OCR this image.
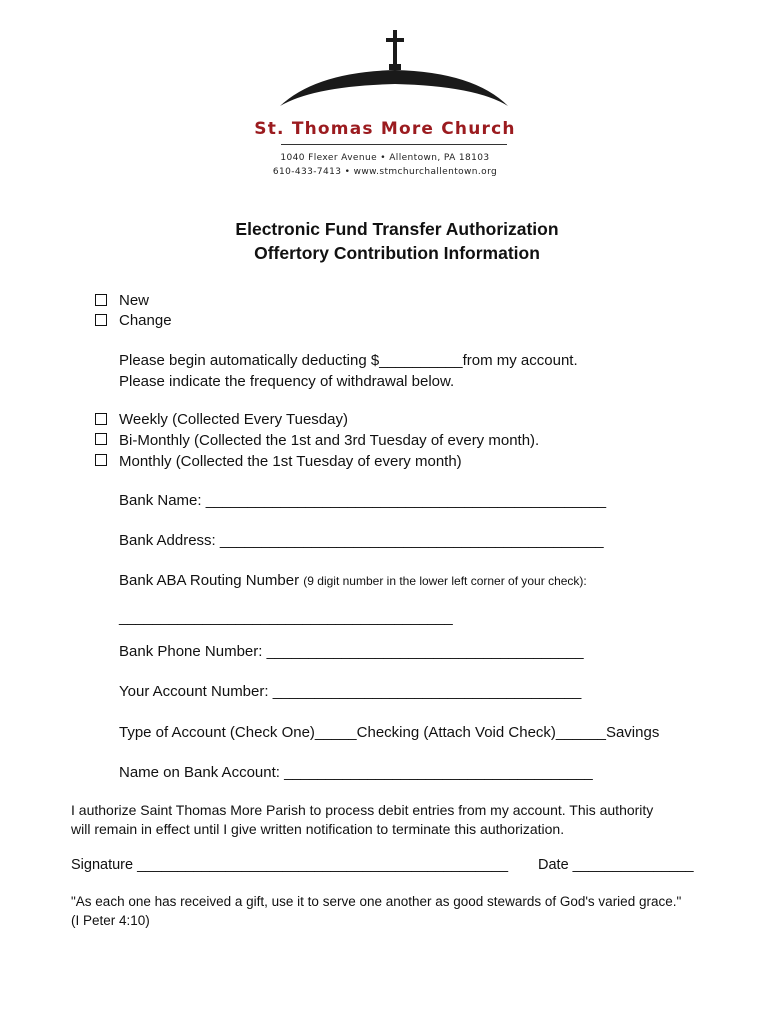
St. Thomas More Church
1040 Flexer Avenue • Allentown, PA 18103
610-433-7413 • www.stmchurchallentown.org
Electronic Fund Transfer Authorization
Offertory Contribution Information
New
Change
Please begin automatically deducting $__________from my account.
Please indicate the frequency of withdrawal below.
Weekly (Collected Every Tuesday)
Bi-Monthly (Collected the 1st and 3rd Tuesday of every month).
Monthly (Collected the 1st Tuesday of every month)
Bank Name: ________________________________________________
Bank Address: ______________________________________________
Bank ABA Routing Number (9 digit number in the lower left corner of your check):
________________________________________
Bank Phone Number: ______________________________________
Your Account Number: _____________________________________
Type of Account (Check One)_____Checking (Attach Void Check)______Savings
Name on Bank Account: _____________________________________
I authorize Saint Thomas More Parish to process debit entries from my account. This authority
will remain in effect until I give written notification to terminate this authorization.
Signature ______________________________________________ Date _______________
"As each one has received a gift, use it to serve one another as good stewards of God's varied grace."
(I Peter 4:10)
